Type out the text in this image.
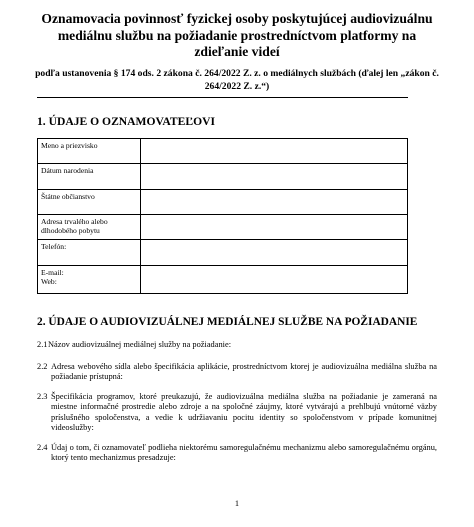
Oznamovacia povinnosť fyzickej osoby poskytujúcej audiovizuálnu mediálnu službu na požiadanie prostredníctvom platformy na zdieľanie videí
podľa ustanovenia § 174 ods. 2 zákona č. 264/2022 Z. z. o mediálnych službách (ďalej len „zákon č. 264/2022 Z. z.“)
1. ÚDAJE O OZNAMOVATEĽOVI
Meno a priezvisko	
Dátum narodenia	
Štátne občianstvo	
Adresa trvalého alebo dlhodobého pobytu	
Telefón:	
E-mail:
Web:	
2. ÚDAJE O AUDIOVIZUÁLNEJ MEDIÁLNEJ SLUŽBE NA POŽIADANIE
2.1 Názov audiovizuálnej mediálnej služby na požiadanie:
2.2 Adresa webového sídla alebo špecifikácia aplikácie, prostredníctvom ktorej je audiovizuálna mediálna služba na požiadanie prístupná:
2.3 Špecifikácia programov, ktoré preukazujú, že audiovizuálna mediálna služba na požiadanie je zameraná na miestne informačné prostredie alebo zdroje a na spoločné záujmy, ktoré vytvárajú a prehlbujú vnútorné väzby príslušného spoločenstva, a vedie k udržiavaniu pocitu identity so spoločenstvom v prípade komunitnej videoslužby:
2.4 Údaj o tom, či oznamovateľ podlieha niektorému samoregulačnému mechanizmu alebo samoregulačnému orgánu, ktorý tento mechanizmus presadzuje:
1
